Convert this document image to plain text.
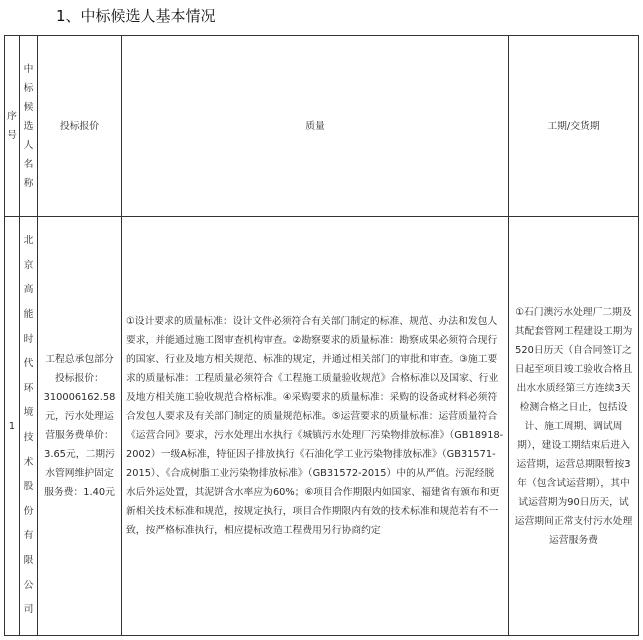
1、中标候选人基本情况
序号	中标候选人名称	投标报价	质量	工期/交货期
1	北京高能时代环境技术股份有限公司	工程总承包部分投标报价：310006162.58元，污水处理运营服务费单价：3.65元，二期污水管网维护固定服务费：1.40元	①设计要求的质量标准：设计文件必须符合有关部门制定的标准、规范、办法和发包人要求，并能通过施工图审查机构审查。②勘察要求的质量标准：勘察成果必须符合现行的国家、行业及地方相关规范、标准的规定，并通过相关部门的审批和审查。③施工要求的质量标准：工程质量必须符合《工程施工质量验收规范》合格标准以及国家、行业及地方相关施工验收规范合格标准。④采购要求的质量标准：采购的设备或材料必须符合发包人要求及有关部门制定的质量规范标准。⑤运营要求的质量标准：运营质量符合《运营合同》要求，污水处理出水执行《城镇污水处理厂污染物排放标准》（GB18918-2002）一级A标准，特征因子排放执行《石油化学工业污染物排放标准》（GB31571-2015）、《合成树脂工业污染物排放标准》（GB31572-2015）中的从严值。污泥经脱水后外运处置，其泥饼含水率应为60%；⑥项目合作期限内如国家、福建省有颁布和更新相关技术标准和规范，按规定执行，项目合作期限内有效的技术标准和规范若有不一致，按严格标准执行，相应提标改造工程费用另行协商约定	①石门澳污水处理厂二期及其配套管网工程建设工期为520日历天（自合同签订之日起至项目竣工验收合格且出水水质经第三方连续3天检测合格之日止，包括设计、施工周期、调试周期），建设工期结束后进入运营期，运营总期限暂按3年（包含试运营期），其中试运营期为90日历天，试运营期间正常支付污水处理运营服务费
